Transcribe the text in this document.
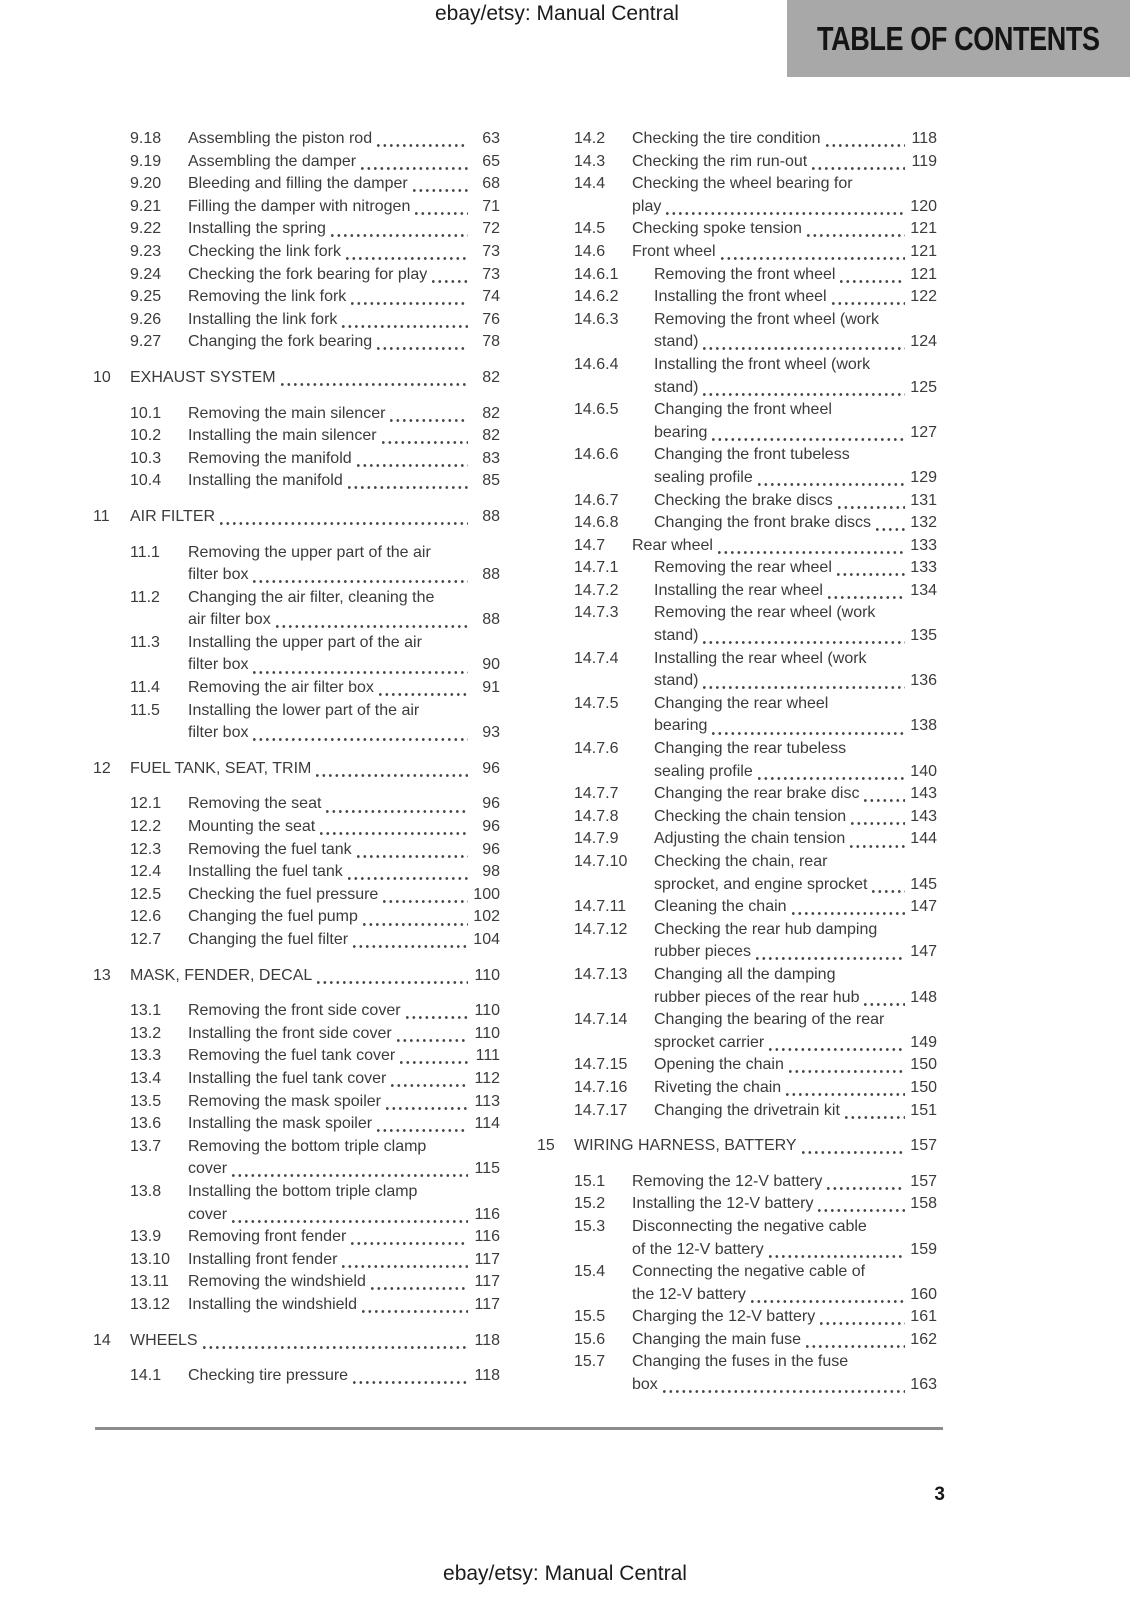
ebay/etsy: Manual Central
TABLE OF CONTENTS
9.18	Assembling the piston rod	63
9.19	Assembling the damper	65
9.20	Bleeding and filling the damper	68
9.21	Filling the damper with nitrogen	71
9.22	Installing the spring	72
9.23	Checking the link fork	73
9.24	Checking the fork bearing for play	73
9.25	Removing the link fork	74
9.26	Installing the link fork	76
9.27	Changing the fork bearing	78
10	EXHAUST SYSTEM	82
10.1	Removing the main silencer	82
10.2	Installing the main silencer	82
10.3	Removing the manifold	83
10.4	Installing the manifold	85
11	AIR FILTER	88
11.1	Removing the upper part of the air
filter box	88
11.2	Changing the air filter, cleaning the
air filter box	88
11.3	Installing the upper part of the air
filter box	90
11.4	Removing the air filter box	91
11.5	Installing the lower part of the air
filter box	93
12	FUEL TANK, SEAT, TRIM	96
12.1	Removing the seat	96
12.2	Mounting the seat	96
12.3	Removing the fuel tank	96
12.4	Installing the fuel tank	98
12.5	Checking the fuel pressure	100
12.6	Changing the fuel pump	102
12.7	Changing the fuel filter	104
13	MASK, FENDER, DECAL	110
13.1	Removing the front side cover	110
13.2	Installing the front side cover	110
13.3	Removing the fuel tank cover	111
13.4	Installing the fuel tank cover	112
13.5	Removing the mask spoiler	113
13.6	Installing the mask spoiler	114
13.7	Removing the bottom triple clamp
cover	115
13.8	Installing the bottom triple clamp
cover	116
13.9	Removing front fender	116
13.10	Installing front fender	117
13.11	Removing the windshield	117
13.12	Installing the windshield	117
14	WHEELS	118
14.1	Checking tire pressure	118
14.2	Checking the tire condition	118
14.3	Checking the rim run-out	119
14.4	Checking the wheel bearing for
play	120
14.5	Checking spoke tension	121
14.6	Front wheel	121
14.6.1	Removing the front wheel	121
14.6.2	Installing the front wheel	122
14.6.3	Removing the front wheel (work
stand)	124
14.6.4	Installing the front wheel (work
stand)	125
14.6.5	Changing the front wheel
bearing	127
14.6.6	Changing the front tubeless
sealing profile	129
14.6.7	Checking the brake discs	131
14.6.8	Changing the front brake discs 132
14.7	Rear wheel	133
14.7.1	Removing the rear wheel	133
14.7.2	Installing the rear wheel	134
14.7.3	Removing the rear wheel (work
stand)	135
14.7.4	Installing the rear wheel (work
stand)	136
14.7.5	Changing the rear wheel
bearing	138
14.7.6	Changing the rear tubeless
sealing profile	140
14.7.7	Changing the rear brake disc	143
14.7.8	Checking the chain tension	143
14.7.9	Adjusting the chain tension	144
14.7.10	Checking the chain, rear
sprocket, and engine sprocket	145
14.7.11	Cleaning the chain	147
14.7.12	Checking the rear hub damping
rubber pieces	147
14.7.13	Changing all the damping
rubber pieces of the rear hub	148
14.7.14	Changing the bearing of the rear
sprocket carrier	149
14.7.15	Opening the chain	150
14.7.16	Riveting the chain	150
14.7.17	Changing the drivetrain kit	151
15	WIRING HARNESS, BATTERY	157
15.1	Removing the 12-V battery	157
15.2	Installing the 12-V battery	158
15.3	Disconnecting the negative cable
of the 12-V battery	159
15.4	Connecting the negative cable of
the 12-V battery	160
15.5	Charging the 12-V battery	161
15.6	Changing the main fuse	162
15.7	Changing the fuses in the fuse
box	163
3
ebay/etsy: Manual Central
